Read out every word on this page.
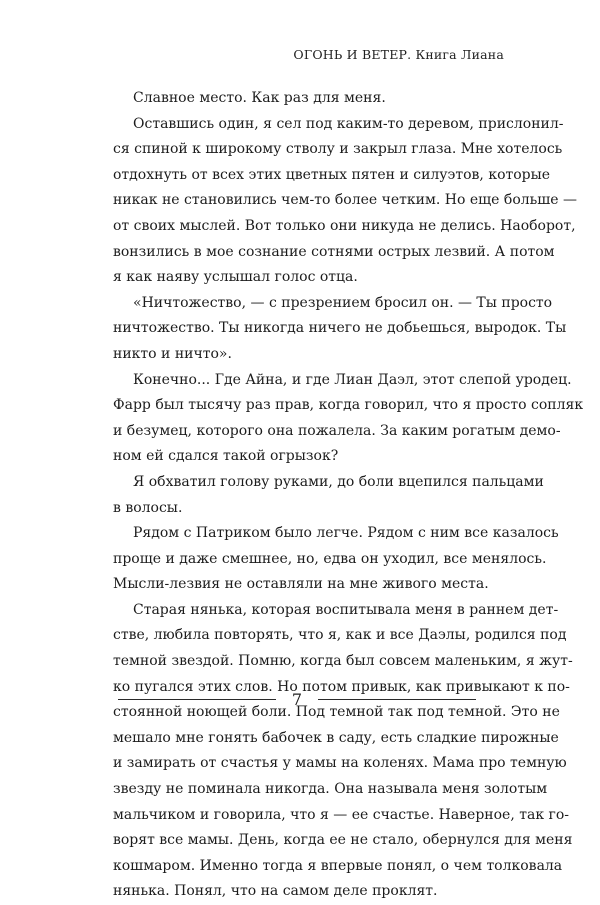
ОГОНЬ И ВЕТЕР. Книга Лиана
Славное место. Как раз для меня.
Оставшись один, я сел под каким-то деревом, прислонил-
ся спиной к широкому стволу и закрыл глаза. Мне хотелось
отдохнуть от всех этих цветных пятен и силуэтов, которые
никак не становились чем-то более четким. Но еще больше —
от своих мыслей. Вот только они никуда не делись. Наоборот,
вонзились в мое сознание сотнями острых лезвий. А потом
я как наяву услышал голос отца.
«Ничтожество, — с презрением бросил он. — Ты просто
ничтожество. Ты никогда ничего не добьешься, выродок. Ты
никто и ничто».
Конечно... Где Айна, и где Лиан Даэл, этот слепой уродец.
Фарр был тысячу раз прав, когда говорил, что я просто сопляк
и безумец, которого она пожалела. За каким рогатым демо-
ном ей сдался такой огрызок?
Я обхватил голову руками, до боли вцепился пальцами
в волосы.
Рядом с Патриком было легче. Рядом с ним все казалось
проще и даже смешнее, но, едва он уходил, все менялось.
Мысли-лезвия не оставляли на мне живого места.
Старая нянька, которая воспитывала меня в раннем дет-
стве, любила повторять, что я, как и все Даэлы, родился под
темной звездой. Помню, когда был совсем маленьким, я жут-
ко пугался этих слов. Но потом привык, как привыкают к по-
стоянной ноющей боли. Под темной так под темной. Это не
мешало мне гонять бабочек в саду, есть сладкие пирожные
и замирать от счастья у мамы на коленях. Мама про темную
звезду не поминала никогда. Она называла меня золотым
мальчиком и говорила, что я — ее счастье. Наверное, так го-
ворят все мамы. День, когда ее не стало, обернулся для меня
кошмаром. Именно тогда я впервые понял, о чем толковала
нянька. Понял, что на самом деле проклят.
7
